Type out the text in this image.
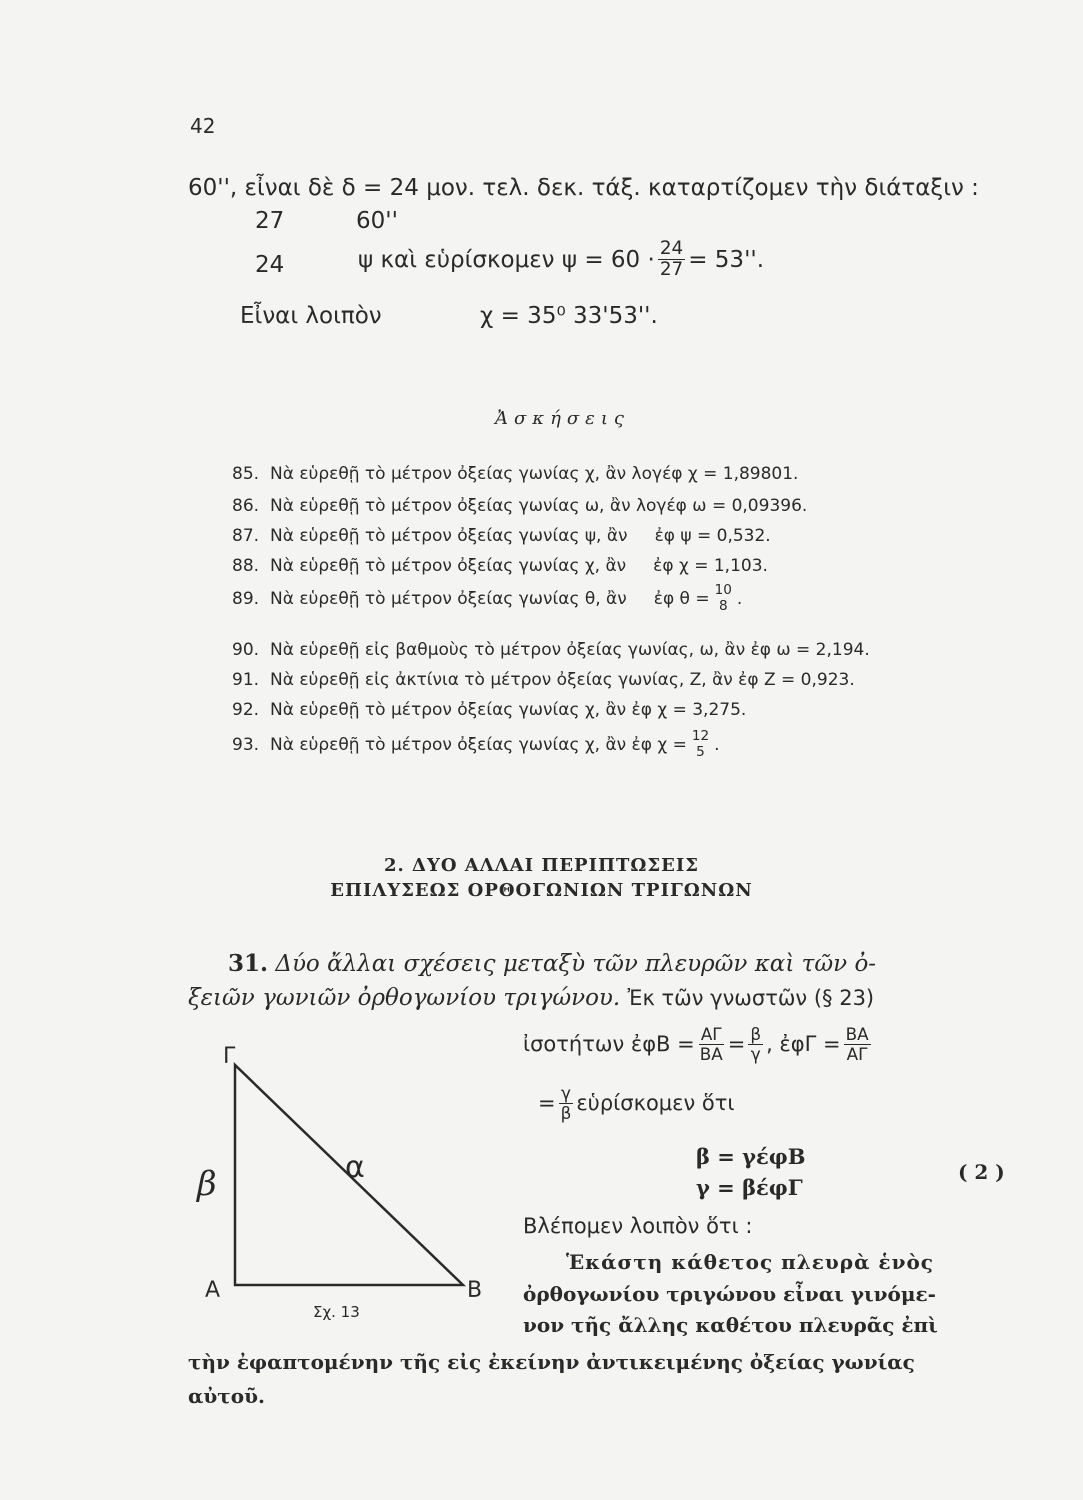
42
60'', εἶναι δὲ δ = 24 μον. τελ. δεκ. τάξ. καταρτίζομεν τὴν διάταξιν :
27	60''
24	ψ καὶ εὑρίσκομεν $\psi = 60 \cdot \frac{24}{27} = 53''$.
Εἶναι λοιπὸν	χ = 35⁰ 33'53''.
Ἀσκήσεις
85. Νὰ εὑρεθῇ τὸ μέτρον ὀξείας γωνίας χ, ἂν λογέφ χ = 1,89801.
86. Νὰ εὑρεθῇ τὸ μέτρον ὀξείας γωνίας ω, ἂν λογέφ ω = 0,09396.
87. Νὰ εὑρεθῇ τὸ μέτρον ὀξείας γωνίας ψ, ἂν     ἐφ ψ = 0,532.
88. Νὰ εὑρεθῇ τὸ μέτρον ὀξείας γωνίας χ, ἂν     ἐφ χ = 1,103.
89. Νὰ εὑρεθῇ τὸ μέτρον ὀξείας γωνίας θ, ἂν     ἐφ θ = 10
8 .
90. Νὰ εὑρεθῇ εἰς βαθμοὺς τὸ μέτρον ὀξείας γωνίας, ω, ἂν ἐφ ω = 2,194.
91. Νὰ εὑρεθῇ εἰς ἀκτίνια τὸ μέτρον ὀξείας γωνίας, Ζ, ἂν ἐφ Ζ = 0,923.
92. Νὰ εὑρεθῇ τὸ μέτρον ὀξείας γωνίας χ, ἂν ἐφ χ = 3,275.
93. Νὰ εὑρεθῇ τὸ μέτρον ὀξείας γωνίας χ, ἂν ἐφ χ = 12
5 .
2. ΔΥΟ ΑΛΛΑΙ ΠΕΡΙΠΤΩΣΕΙΣ
ΕΠΙΛΥΣΕΩΣ ΟΡΘΟΓΩΝΙΩΝ ΤΡΙΓΩΝΩΝ
31. Δύο ἄλλαι σχέσεις μεταξὺ τῶν πλευρῶν καὶ τῶν ὀ-
ξειῶν γωνιῶν ὀρθογωνίου τριγώνου. Ἐκ τῶν γνωστῶν (§ 23)
ἰσοτήτων ἐφΒ = $\frac{A\Gamma}{BA} = \frac{\beta}{\gamma}$ , ἐφΓ = $\frac{BA}{A\Gamma}$
= $\frac{\gamma}{\beta}$ εὑρίσκομεν ὅτι
β = γέφΒ
γ = βέφΓ
( 2 )
Βλέπομεν λοιπὸν ὅτι :
Ἑκάστη κάθετος πλευρὰ ἑνὸς
ὀρθογωνίου τριγώνου εἶναι γινόμε-
νον τῆς ἄλλης καθέτου πλευρᾶς ἐπὶ
τὴν ἐφαπτομένην τῆς εἰς ἐκείνην ἀντικειμένης ὀξείας γωνίας
αὐτοῦ.
Γ
Α	Β
α
β
Σχ. 13
